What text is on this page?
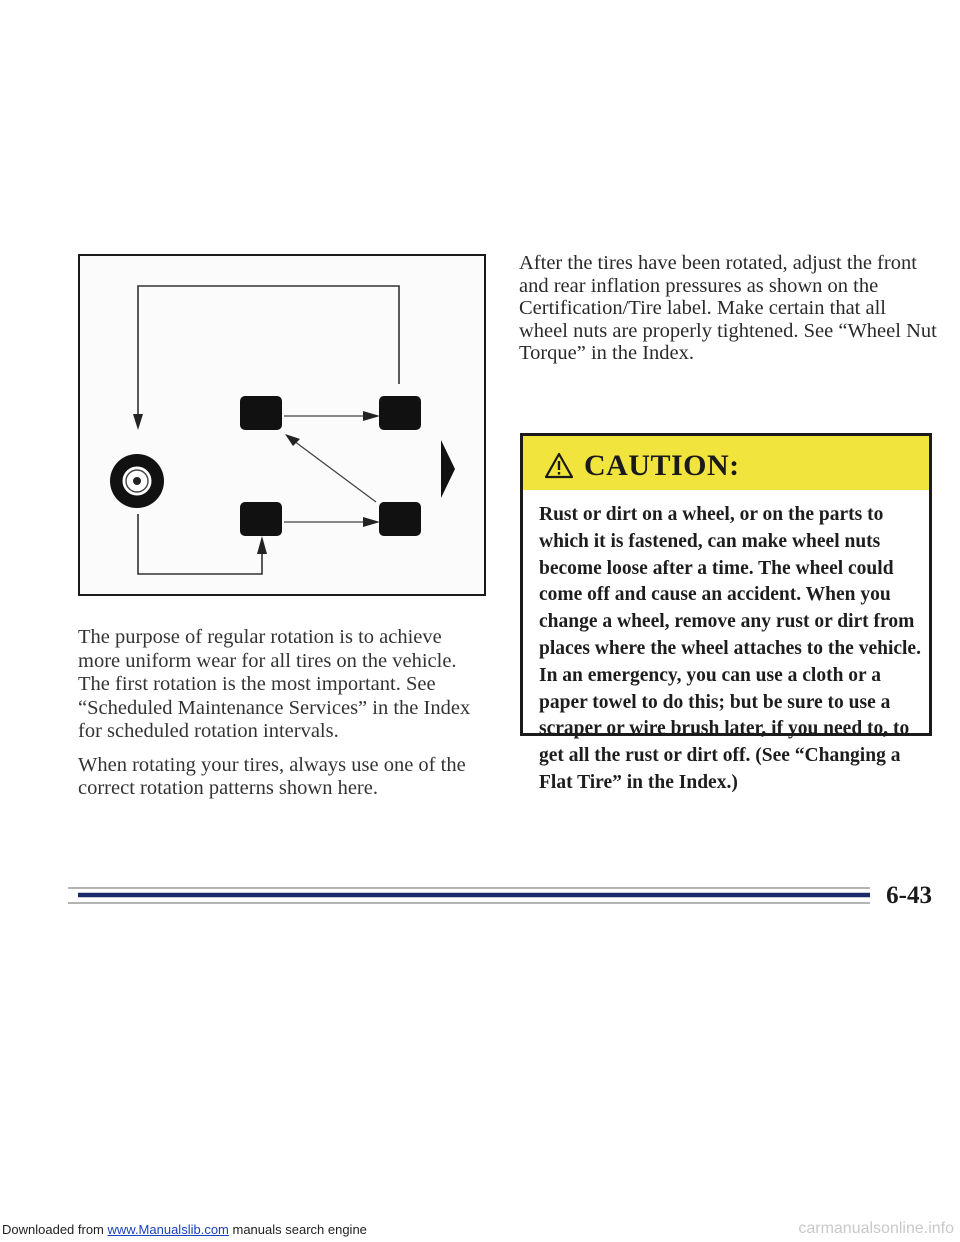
The purpose of regular rotation is to achieve more uniform wear for all tires on the vehicle. The first rotation is the most important. See “Scheduled Maintenance Services” in the Index for scheduled rotation intervals.

When rotating your tires, always use one of the correct rotation patterns shown here.

After the tires have been rotated, adjust the front and rear inflation pressures as shown on the Certification/Tire label. Make certain that all wheel nuts are properly tightened. See “Wheel Nut Torque” in the Index.
CAUTION:
Rust or dirt on a wheel, or on the parts to which it is fastened, can make wheel nuts become loose after a time. The wheel could come off and cause an accident. When you change a wheel, remove any rust or dirt from places where the wheel attaches to the vehicle. In an emergency, you can use a cloth or a paper towel to do this; but be sure to use a scraper or wire brush later, if you need to, to get all the rust or dirt off. (See “Changing a Flat Tire” in the Index.)
6-43
Downloaded from www.Manualslib.com manuals search engine	carmanualsonline.info
